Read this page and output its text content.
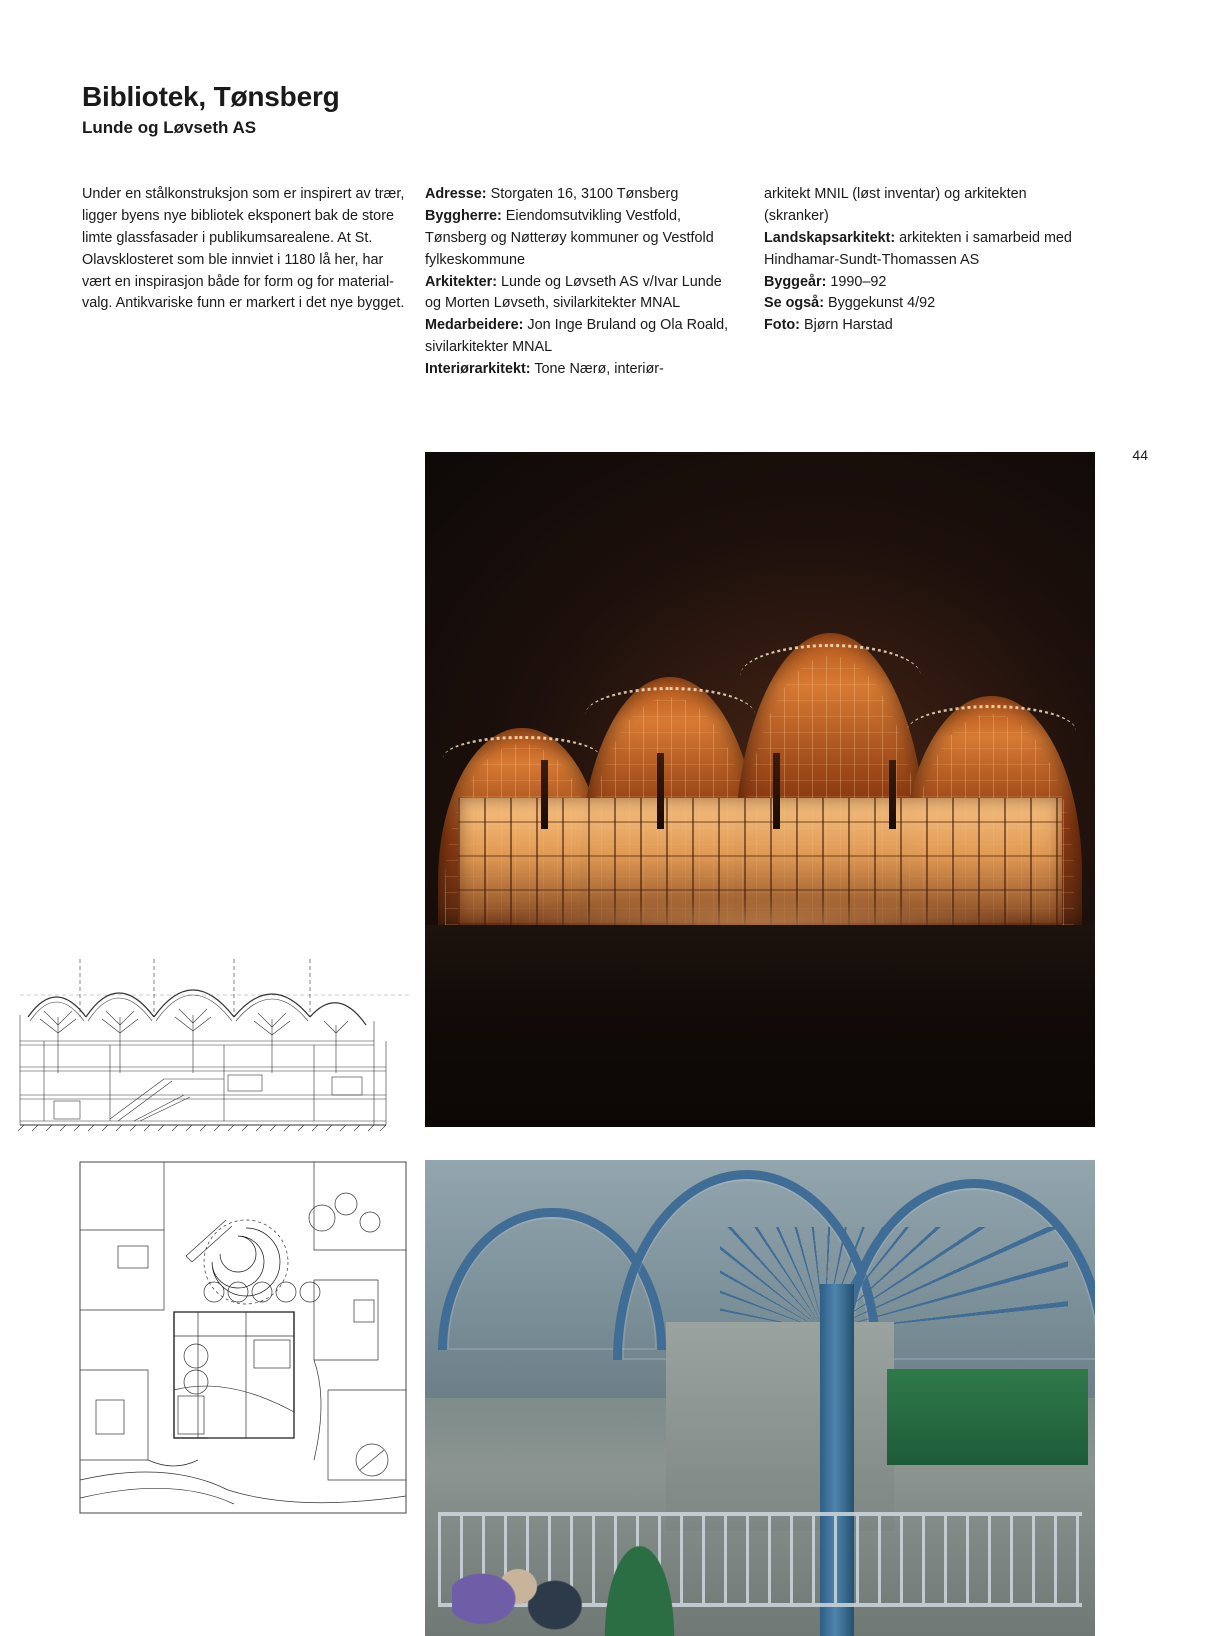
Bibliotek, Tønsberg
Lunde og Løvseth AS

Under en stålkonstruksjon som er inspirert av trær, ligger byens nye bibliotek eksponert bak de store limte glassfasader i publikumsarealene. At St. Olavsklosteret som ble innviet i 1180 lå her, har vært en inspirasjon både for form og for materialvalg. Antikvariske funn er markert i det nye bygget.

Adresse: Storgaten 16, 3100 Tønsberg

Byggherre: Eiendomsutvikling Vestfold, Tønsberg og Nøtterøy kommuner og Vestfold fylkeskommune

Arkitekter: Lunde og Løvseth AS v/Ivar Lunde og Morten Løvseth, sivilarkitekter MNAL

Medarbeidere: Jon Inge Bruland og Ola Roald, sivilarkitekter MNAL

Interiørarkitekt: Tone Nærø, interiør-

arkitekt MNIL (løst inventar) og arkitekten (skranker)

Landskapsarkitekt: arkitekten i samarbeid med Hindhamar-Sundt-Thomassen AS

Byggeår: 1990–92

Se også: Byggekunst 4/92

Foto: Bjørn Harstad

44
